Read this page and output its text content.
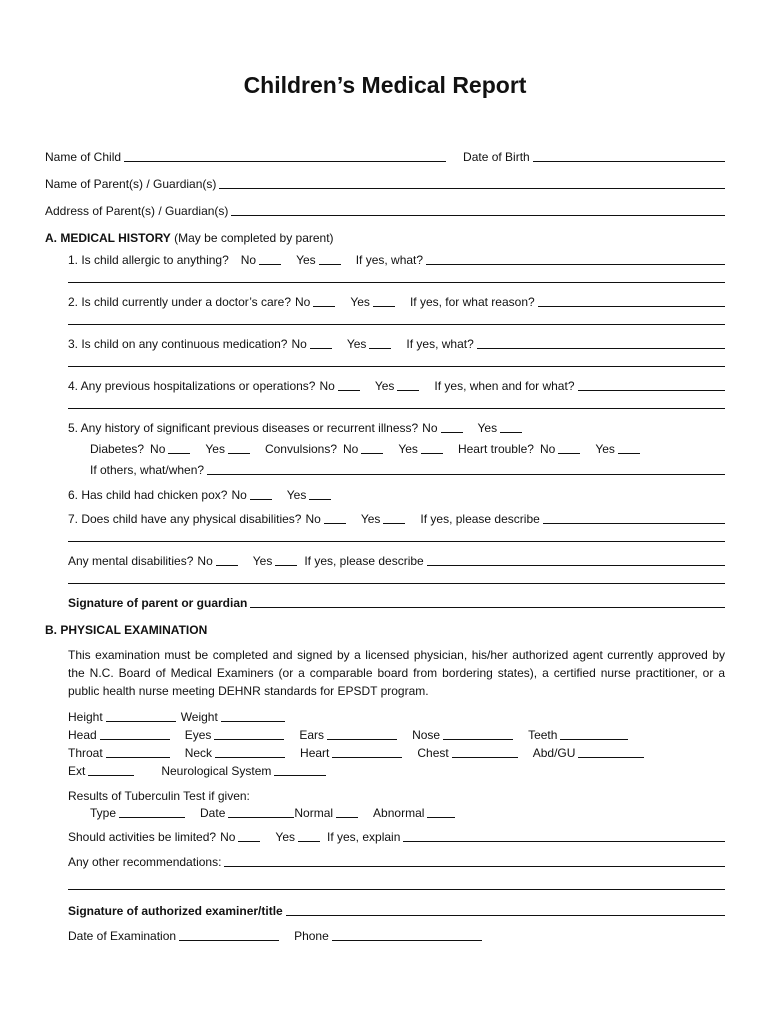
Children’s Medical Report
Name of Child	Date of Birth
Name of Parent(s) / Guardian(s)
Address of Parent(s) / Guardian(s)
A. MEDICAL HISTORY (May be completed by parent)
1. Is child allergic to anything? No	Yes	If yes, what?
2. Is child currently under a doctor’s care? No	Yes	If yes, for what reason?
3. Is child on any continuous medication? No	Yes	If yes, what?
4. Any previous hospitalizations or operations? No	Yes	If yes, when and for what?
5. Any history of significant previous diseases or recurrent illness? No	Yes
Diabetes? No	Yes	Convulsions? No	Yes	Heart trouble? No	Yes
If others, what/when?
6. Has child had chicken pox? No	Yes
7. Does child have any physical disabilities? No	Yes	If yes, please describe
Any mental disabilities? No	Yes	If yes, please describe
Signature of parent or guardian
B. PHYSICAL EXAMINATION
This examination must be completed and signed by a licensed physician, his/her authorized agent currently approved by the N.C. Board of Medical Examiners (or a comparable board from bordering states), a certified nurse practitioner, or a public health nurse meeting DEHNR standards for EPSDT program.
Height	Weight
Head	Eyes	Ears	Nose	Teeth
Throat	Neck	Heart	Chest	Abd/GU
Ext	Neurological System
Results of Tuberculin Test if given:
Type	Date	Normal	Abnormal
Should activities be limited? No	Yes	If yes, explain
Any other recommendations:
Signature of authorized examiner/title
Date of Examination	Phone
